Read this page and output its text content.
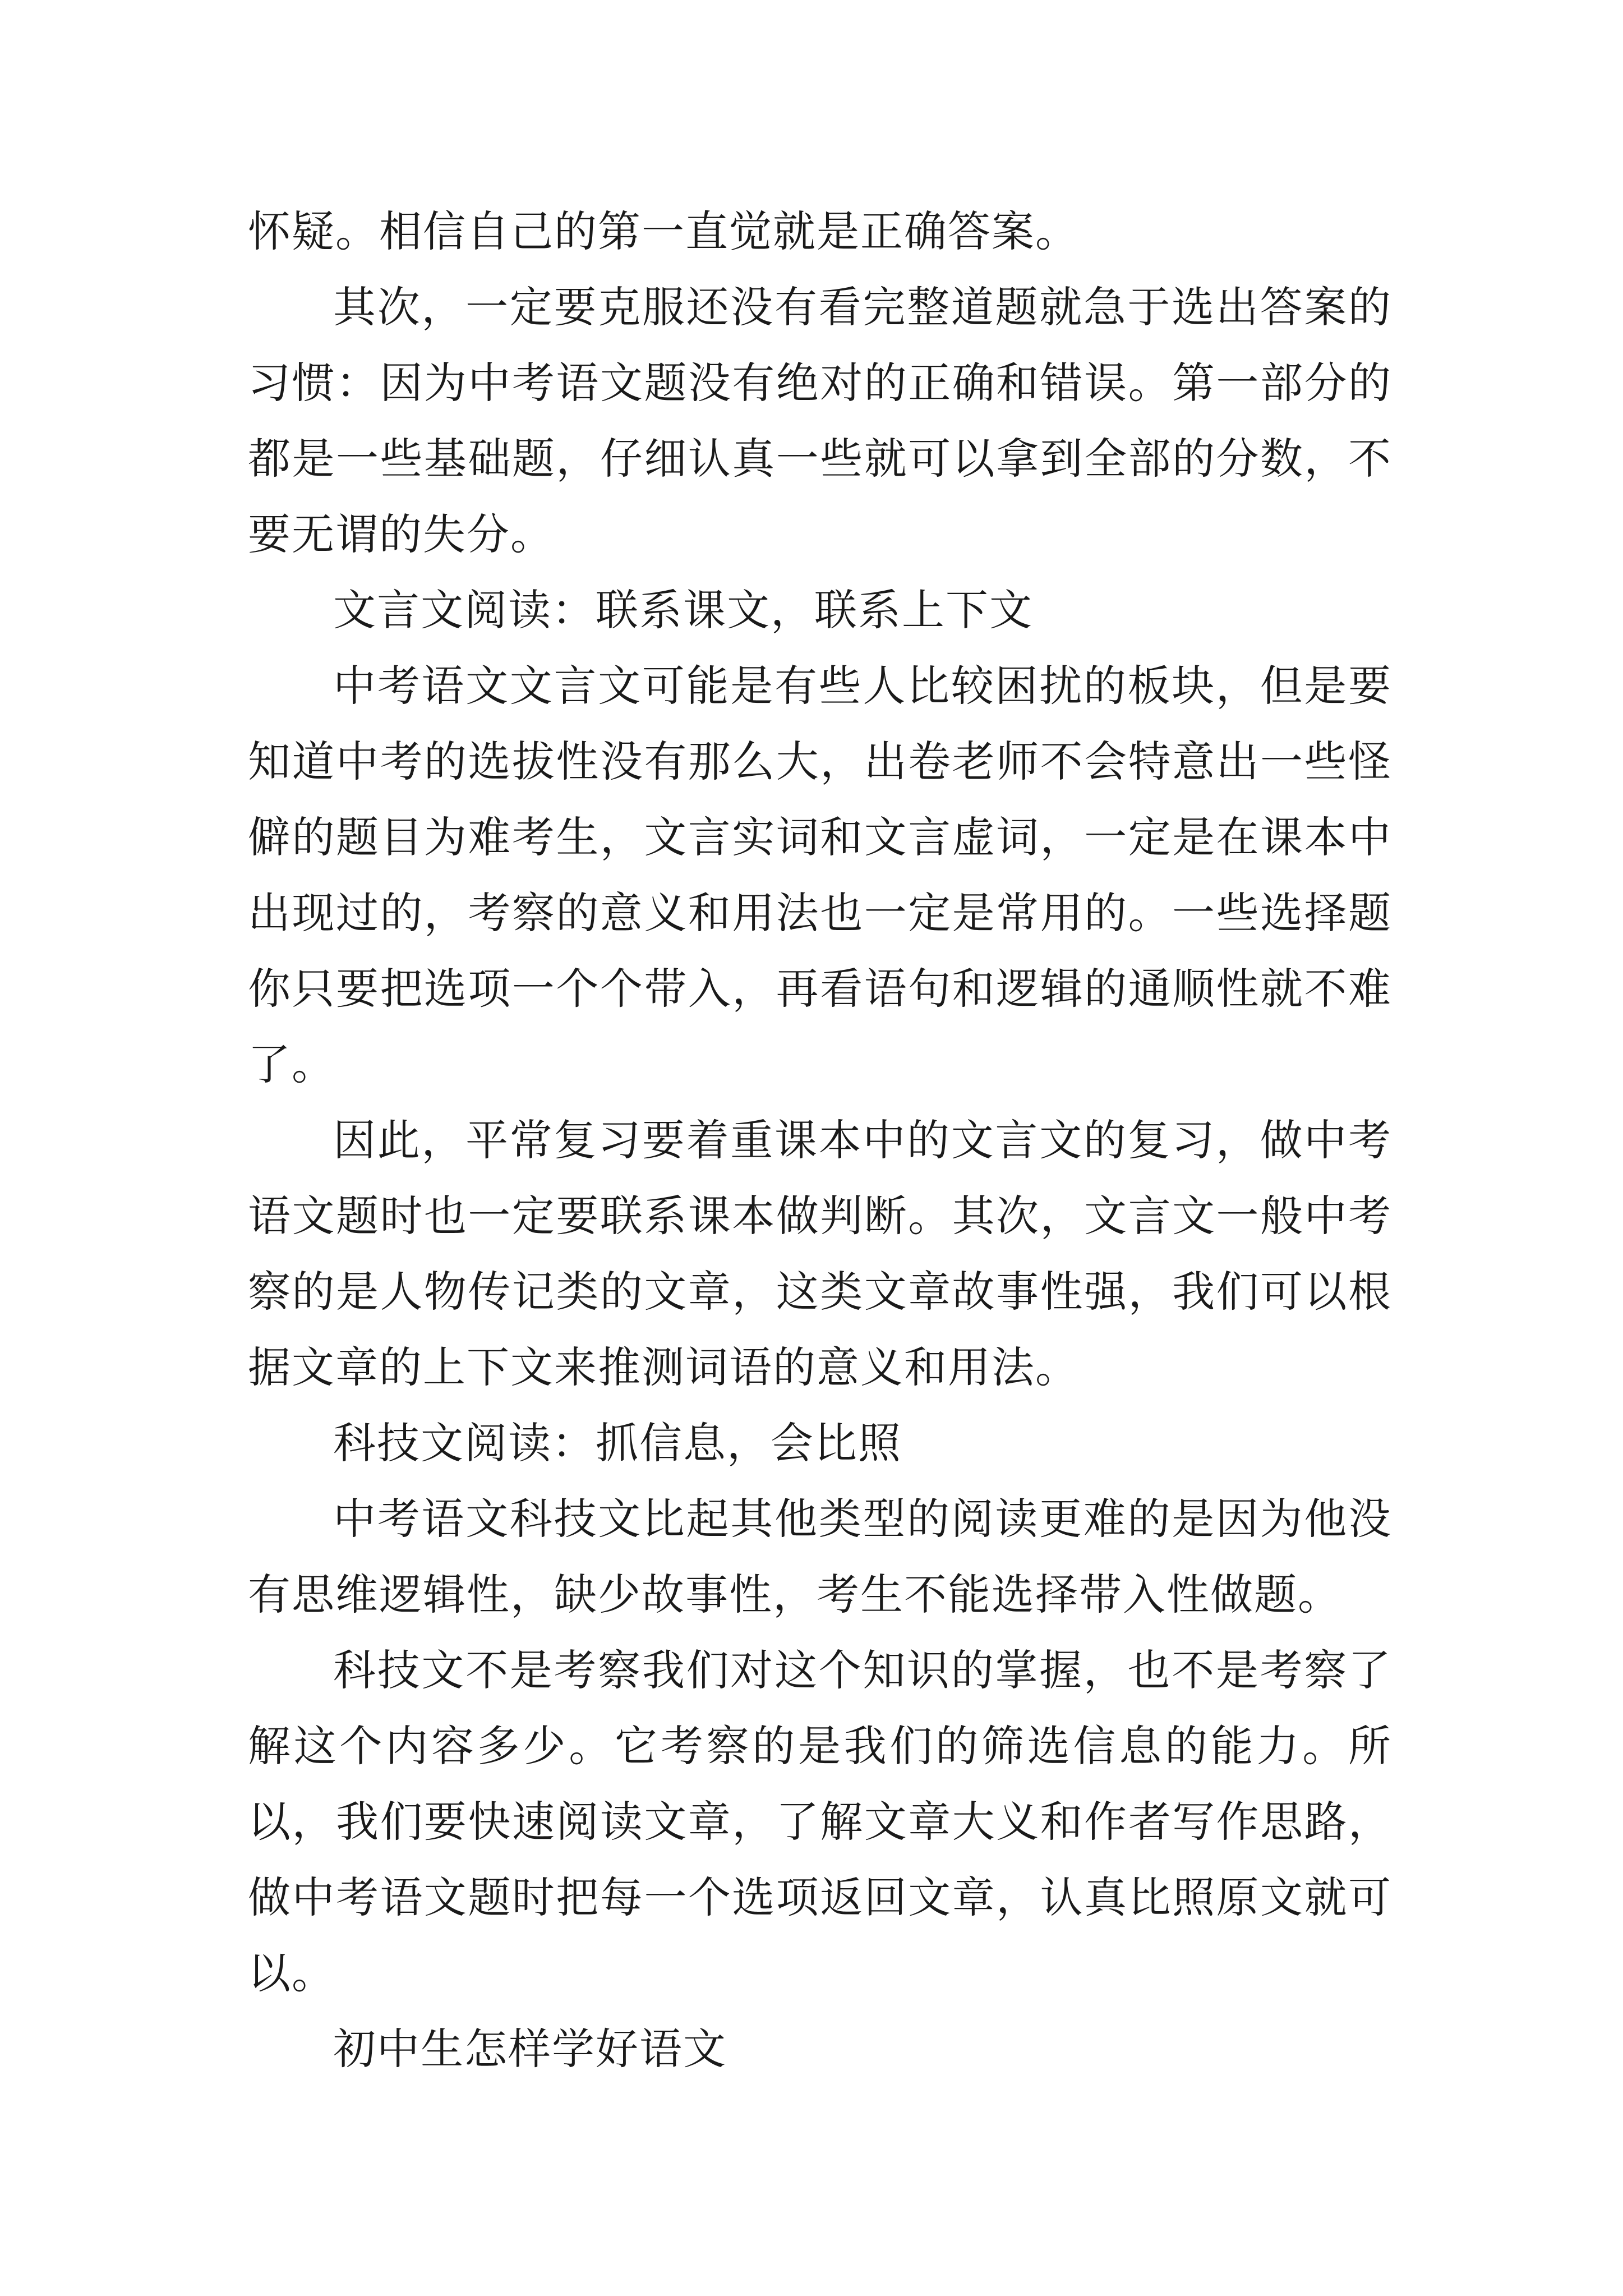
怀疑。相信自己的第一直觉就是正确答案。

其次，一定要克服还没有看完整道题就急于选出答案的习惯：因为中考语文题没有绝对的正确和错误。第一部分的都是一些基础题，仔细认真一些就可以拿到全部的分数，不要无谓的失分。

文言文阅读：联系课文，联系上下文

中考语文文言文可能是有些人比较困扰的板块，但是要知道中考的选拔性没有那么大，出卷老师不会特意出一些怪僻的题目为难考生，文言实词和文言虚词，一定是在课本中出现过的，考察的意义和用法也一定是常用的。一些选择题你只要把选项一个个带入，再看语句和逻辑的通顺性就不难了。

因此，平常复习要着重课本中的文言文的复习，做中考语文题时也一定要联系课本做判断。其次，文言文一般中考察的是人物传记类的文章，这类文章故事性强，我们可以根据文章的上下文来推测词语的意义和用法。

科技文阅读：抓信息，会比照

中考语文科技文比起其他类型的阅读更难的是因为他没有思维逻辑性，缺少故事性，考生不能选择带入性做题。

科技文不是考察我们对这个知识的掌握，也不是考察了解这个内容多少。它考察的是我们的筛选信息的能力。所以，我们要快速阅读文章，了解文章大义和作者写作思路，做中考语文题时把每一个选项返回文章，认真比照原文就可以。

初中生怎样学好语文
